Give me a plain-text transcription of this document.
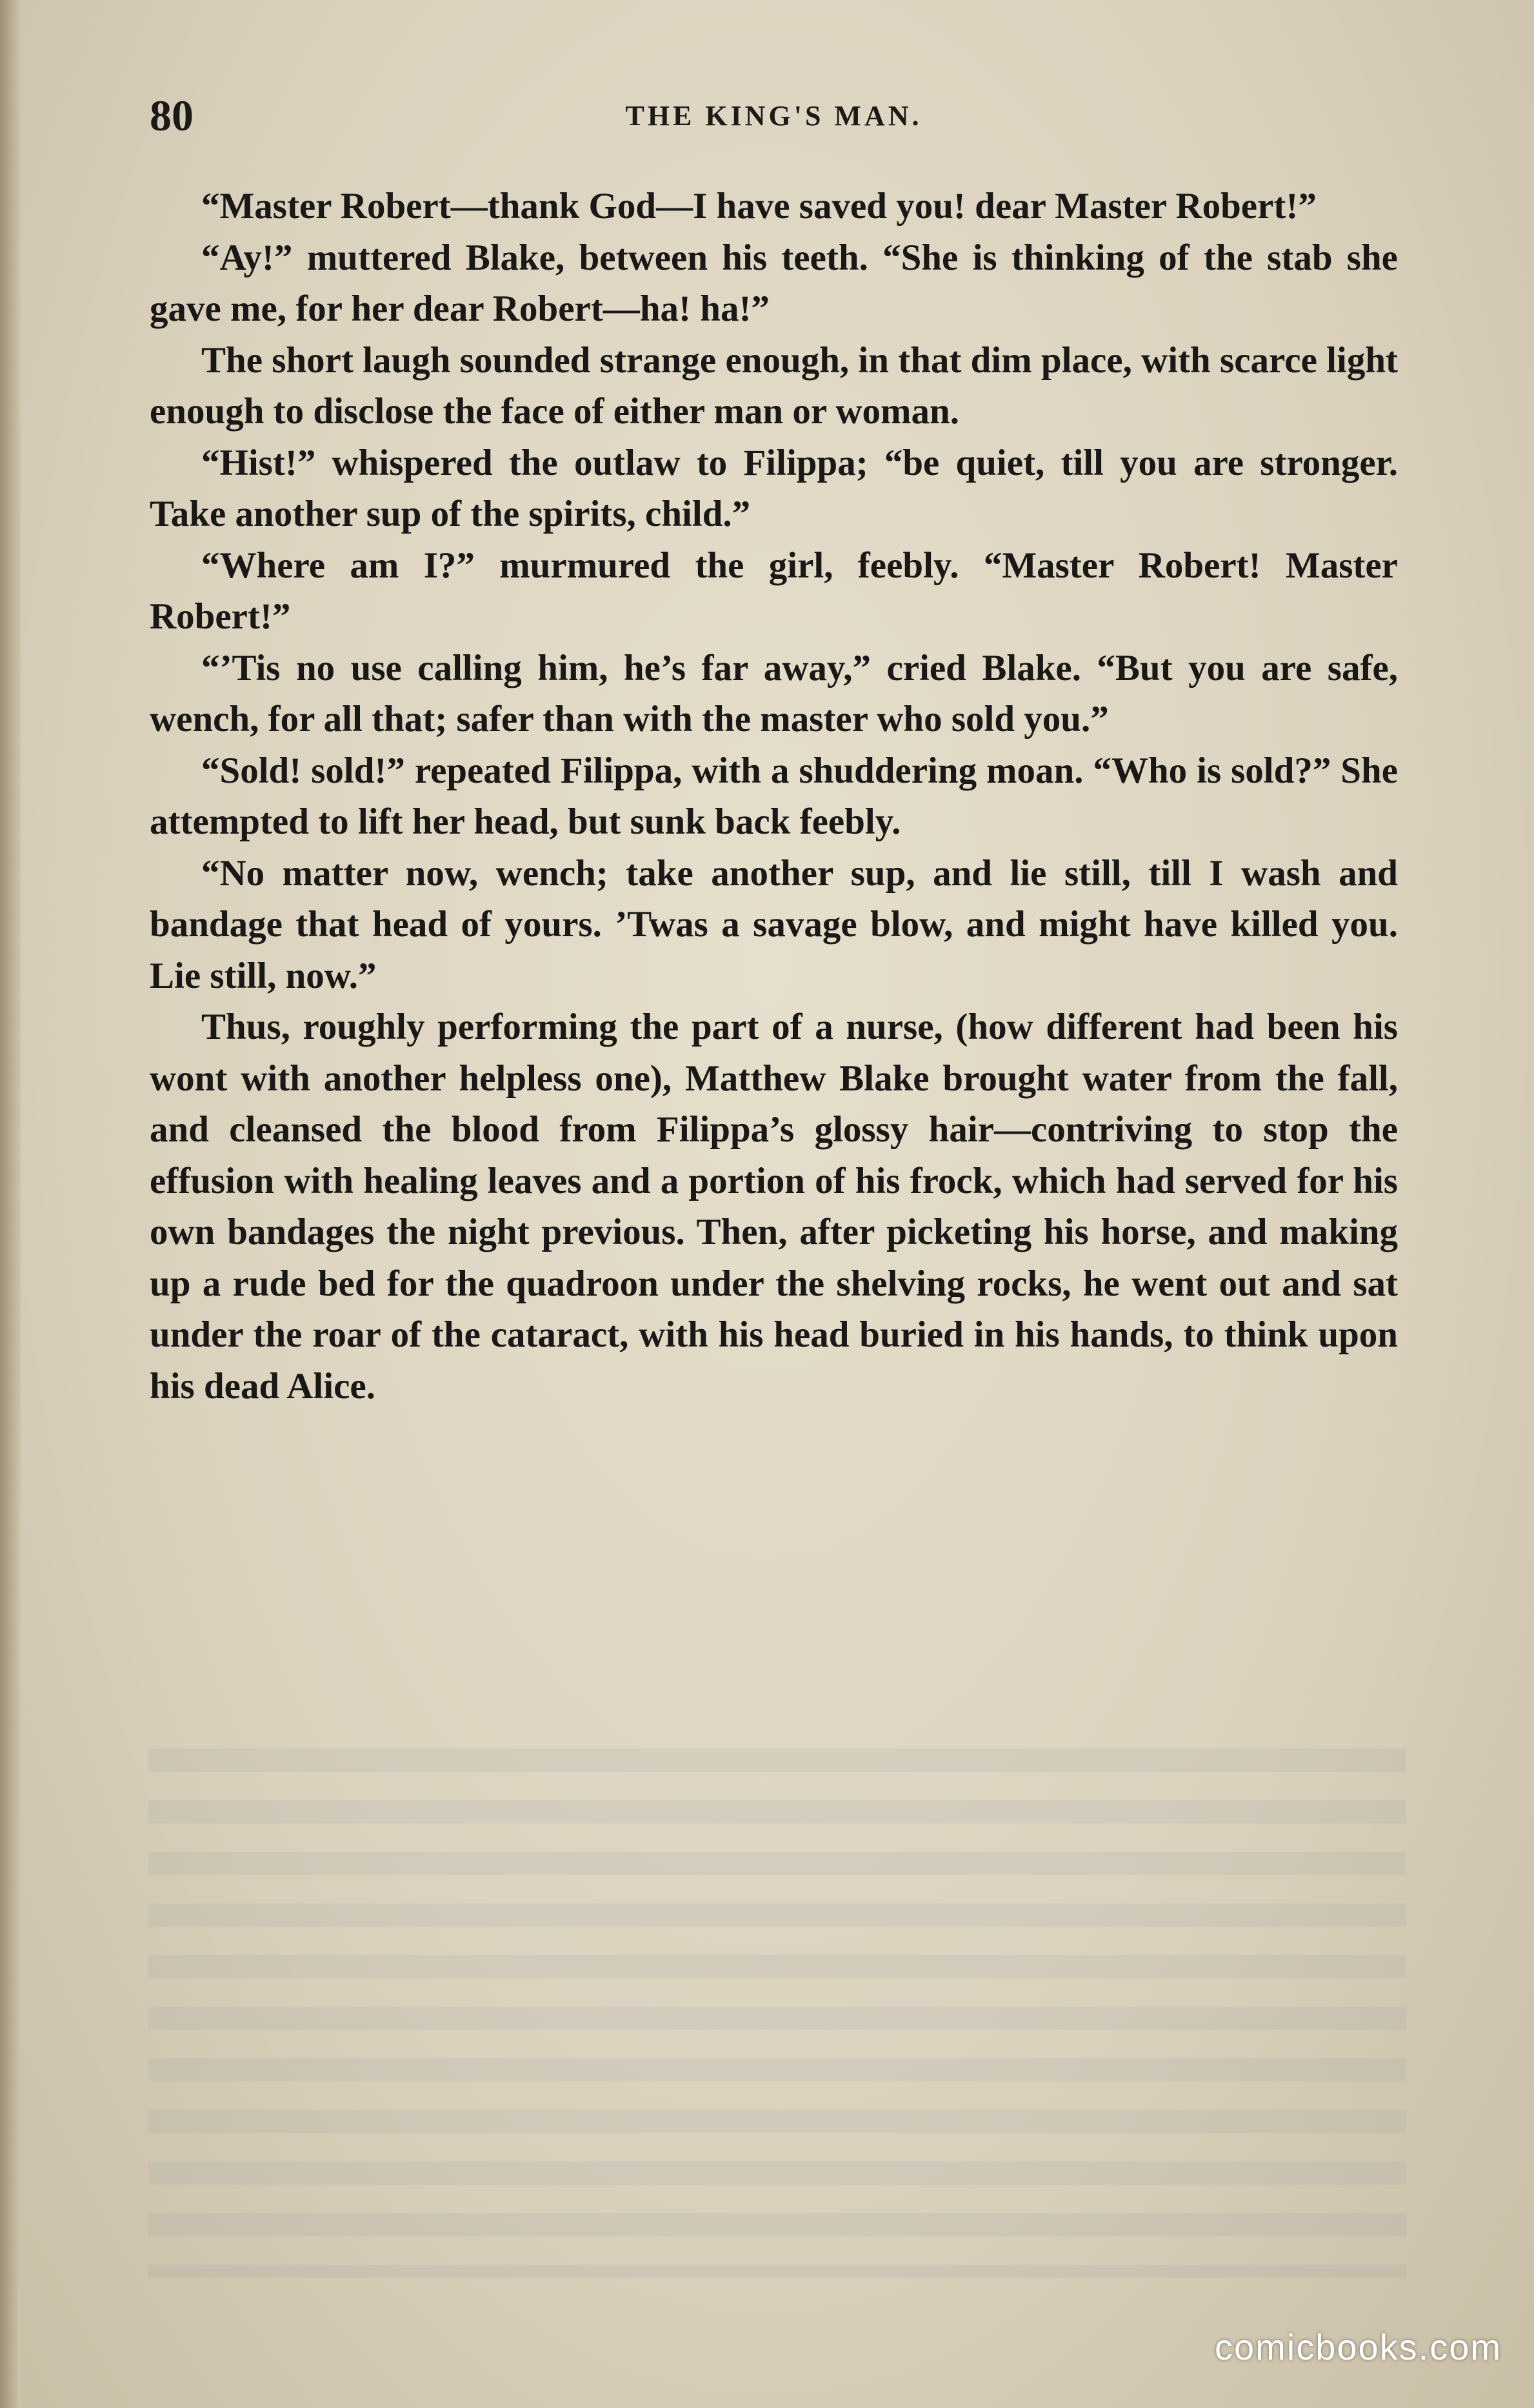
80	THE KING'S MAN.

“Master Robert—thank God—I have saved you! dear Master Robert!”

“Ay!” muttered Blake, between his teeth. “She is thinking of the stab she gave me, for her dear Robert—ha! ha!”

The short laugh sounded strange enough, in that dim place, with scarce light enough to disclose the face of either man or woman.

“Hist!” whispered the outlaw to Filippa; “be quiet, till you are stronger. Take another sup of the spirits, child.”

“Where am I?” murmured the girl, feebly. “Master Robert! Master Robert!”

“’Tis no use calling him, he’s far away,” cried Blake. “But you are safe, wench, for all that; safer than with the master who sold you.”

“Sold! sold!” repeated Filippa, with a shuddering moan. “Who is sold?” She attempted to lift her head, but sunk back feebly.

“No matter now, wench; take another sup, and lie still, till I wash and bandage that head of yours. ’Twas a savage blow, and might have killed you. Lie still, now.”

Thus, roughly performing the part of a nurse, (how different had been his wont with another helpless one), Matthew Blake brought water from the fall, and cleansed the blood from Filippa’s glossy hair—contriving to stop the effusion with healing leaves and a portion of his frock, which had served for his own bandages the night previous. Then, after picketing his horse, and making up a rude bed for the quadroon under the shelving rocks, he went out and sat under the roar of the cataract, with his head buried in his hands, to think upon his dead Alice.

comicbooks.com
